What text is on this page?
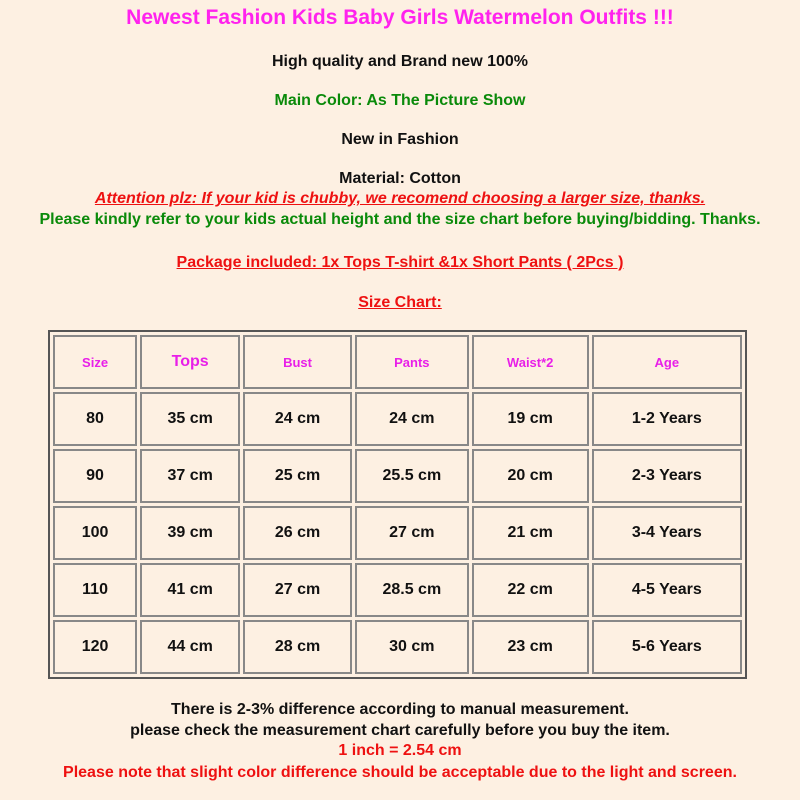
Newest Fashion Kids Baby Girls Watermelon Outfits !!!
High quality and Brand new 100%
Main Color: As The Picture Show
New in Fashion
Material: Cotton
Attention plz: If your kid is chubby, we recomend choosing a larger size, thanks.
Please kindly refer to your kids actual height and the size chart before buying/bidding. Thanks.
Package included: 1x Tops T-shirt &1x Short Pants ( 2Pcs )
Size Chart:
Size	Tops	Bust	Pants	Waist*2	Age
80	35 cm	24 cm	24 cm	19 cm	1-2 Years
90	37 cm	25 cm	25.5 cm	20 cm	2-3 Years
100	39 cm	26 cm	27 cm	21 cm	3-4 Years
110	41 cm	27 cm	28.5 cm	22 cm	4-5 Years
120	44 cm	28 cm	30 cm	23 cm	5-6 Years
There is 2-3% difference according to manual measurement.
please check the measurement chart carefully before you buy the item.
1 inch = 2.54 cm
Please note that slight color difference should be acceptable due to the light and screen.
